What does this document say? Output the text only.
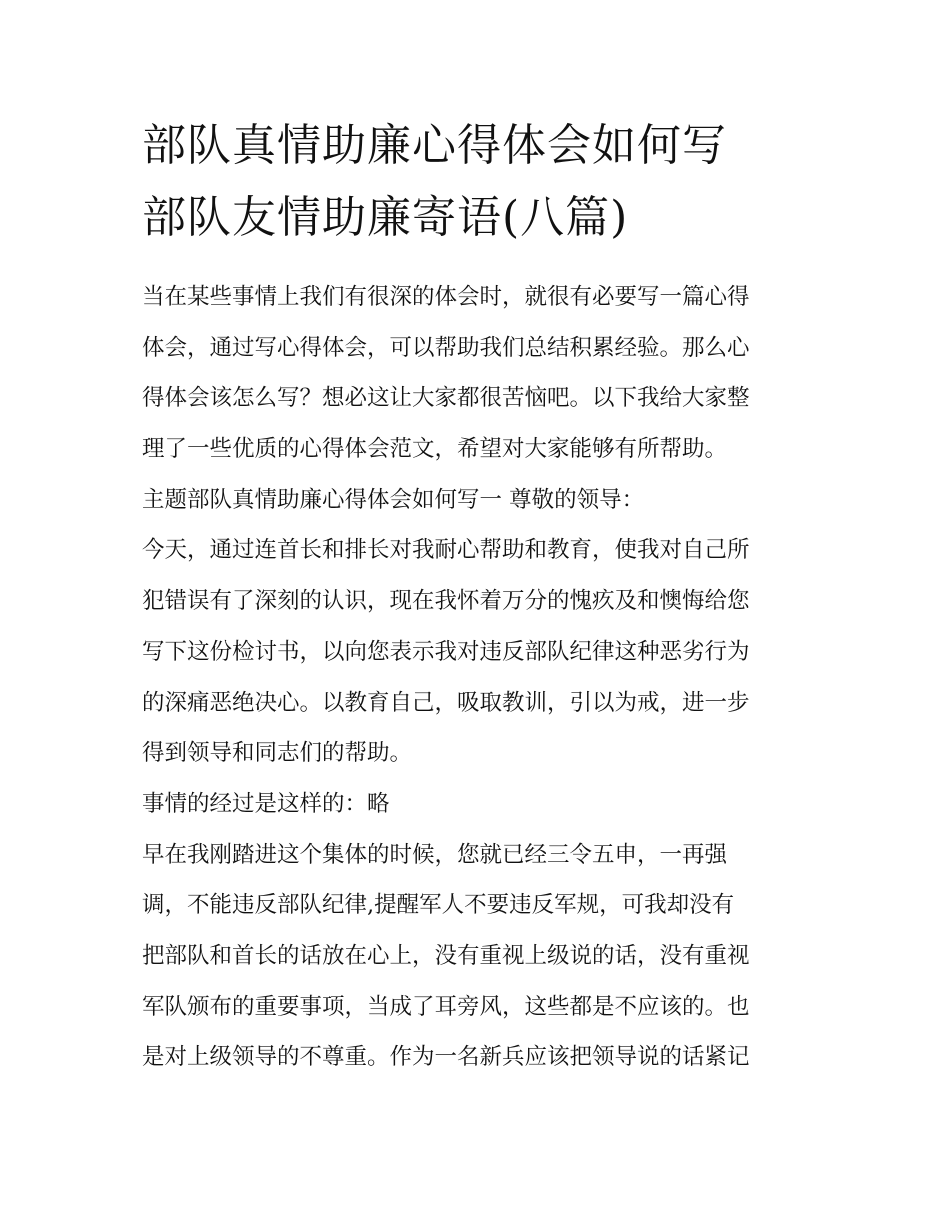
部队真情助廉心得体会如何写
部队友情助廉寄语(八篇)
当在某些事情上我们有很深的体会时，就很有必要写一篇心得
体会，通过写心得体会，可以帮助我们总结积累经验。那么心
得体会该怎么写？想必这让大家都很苦恼吧。以下我给大家整
理了一些优质的心得体会范文，希望对大家能够有所帮助。
主题部队真情助廉心得体会如何写一 尊敬的领导：
今天，通过连首长和排长对我耐心帮助和教育，使我对自己所
犯错误有了深刻的认识，现在我怀着万分的愧疚及和懊悔给您
写下这份检讨书，以向您表示我对违反部队纪律这种恶劣行为
的深痛恶绝决心。以教育自己，吸取教训，引以为戒，进一步
得到领导和同志们的帮助。
事情的经过是这样的：略
早在我刚踏进这个集体的时候，您就已经三令五申，一再强
调，不能违反部队纪律,提醒军人不要违反军规，可我却没有
把部队和首长的话放在心上，没有重视上级说的话，没有重视
军队颁布的重要事项，当成了耳旁风，这些都是不应该的。也
是对上级领导的不尊重。作为一名新兵应该把领导说的话紧记
